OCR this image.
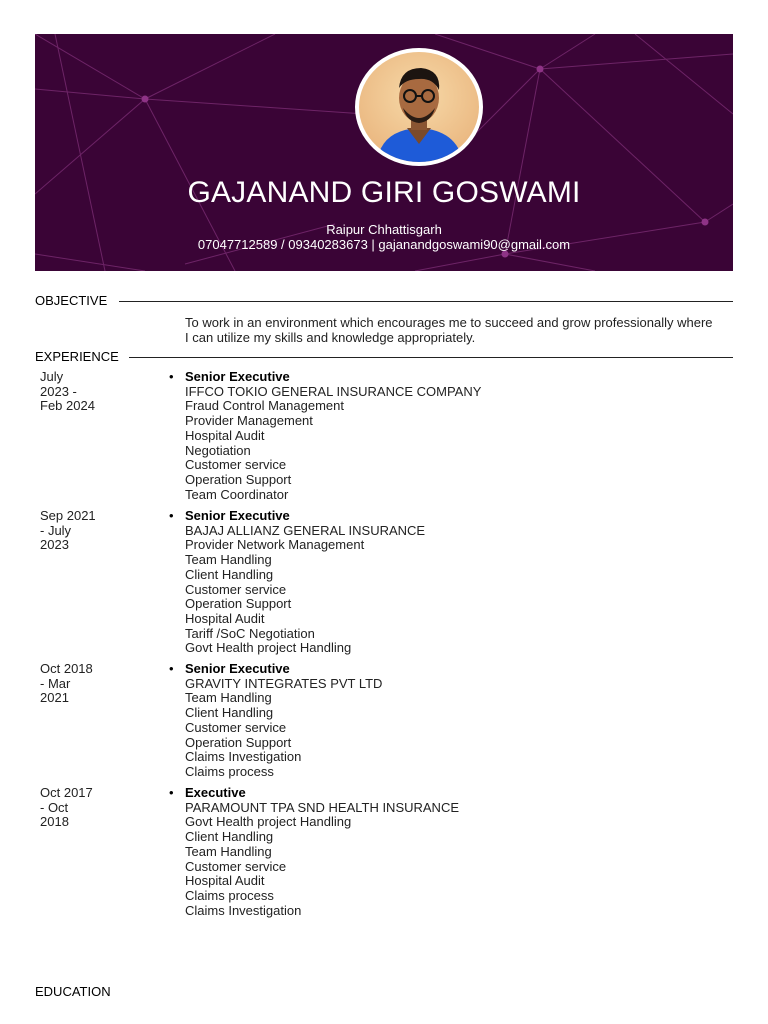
GAJANAND GIRI GOSWAMI
Raipur Chhattisgarh
07047712589 / 09340283673 | gajanandgoswami90@gmail.com
OBJECTIVE
To work in an environment which encourages me to succeed and grow professionally where I can utilize my skills and knowledge appropriately.
EXPERIENCE
July
2023 -
Feb 2024
• Senior Executive
IFFCO TOKIO GENERAL INSURANCE COMPANY
Fraud Control Management
Provider Management
Hospital Audit
Negotiation
Customer service
Operation Support
Team Coordinator
Sep 2021
- July
2023
• Senior Executive
BAJAJ ALLIANZ GENERAL INSURANCE
Provider Network Management
Team Handling
Client Handling
Customer service
Operation Support
Hospital Audit
Tariff /SoC Negotiation
Govt Health project Handling
Oct 2018
- Mar
2021
• Senior Executive
GRAVITY INTEGRATES PVT LTD
Team Handling
Client Handling
Customer service
Operation Support
Claims Investigation
Claims process
Oct 2017
- Oct
2018
• Executive
PARAMOUNT TPA SND HEALTH INSURANCE
Govt Health project Handling
Client Handling
Team Handling
Customer service
Hospital Audit
Claims process
Claims Investigation
EDUCATION
